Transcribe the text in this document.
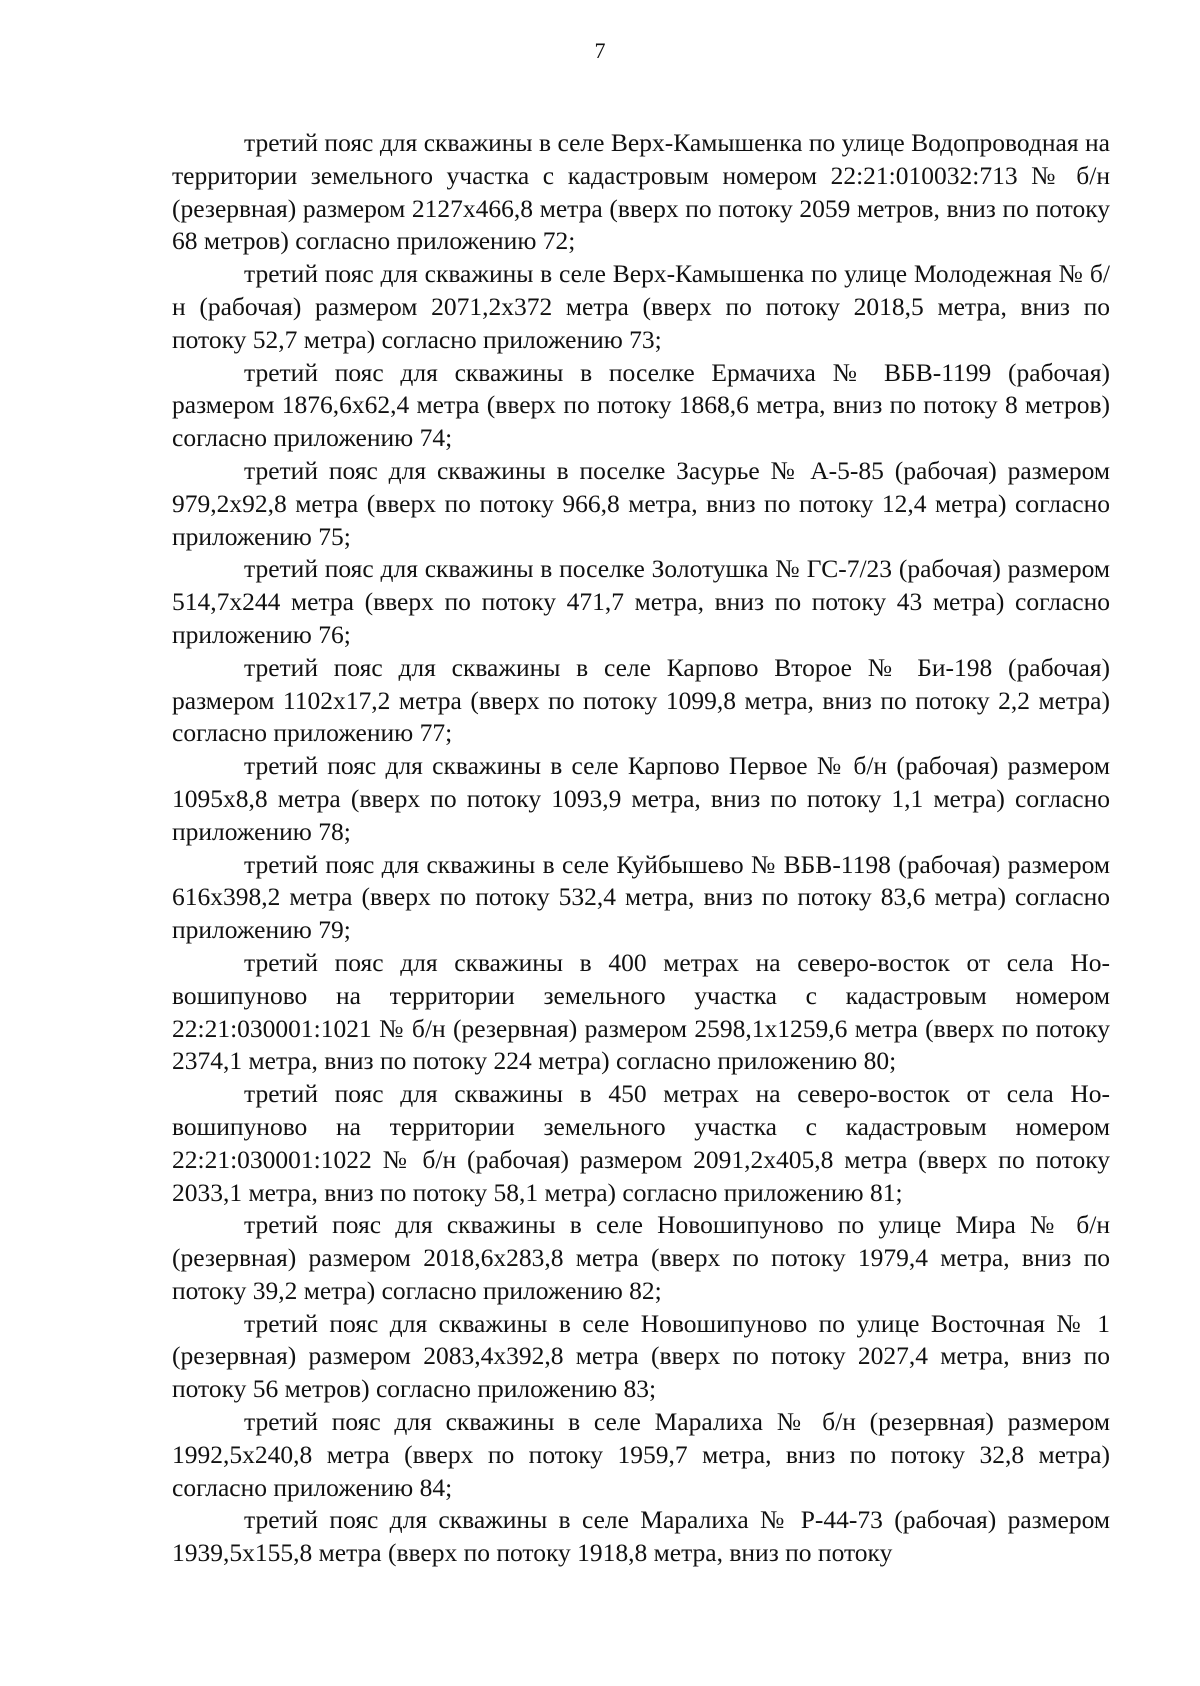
7

третий пояс для скважины в селе Верх-Камышенка по улице Водопроводная на территории земельного участка с кадастровым номером 22:21:010032:713 № б/н (резервная) размером 2127х466,8 метра (вверх по потоку 2059 метров, вниз по потоку 68 метров) согласно приложению 72;

третий пояс для скважины в селе Верх-Камышенка по улице Молодежная № б/н (рабочая) размером 2071,2х372 метра (вверх по потоку 2018,5 метра, вниз по потоку 52,7 метра) согласно приложению 73;

третий пояс для скважины в поселке Ермачиха № ВБВ-1199 (рабочая) размером 1876,6х62,4 метра (вверх по потоку 1868,6 метра, вниз по потоку 8 метров) согласно приложению 74;

третий пояс для скважины в поселке Засурье № А-5-85 (рабочая) размером 979,2х92,8 метра (вверх по потоку 966,8 метра, вниз по потоку 12,4 метра) согласно приложению 75;

третий пояс для скважины в поселке Золотушка № ГС-7/23 (рабочая) размером 514,7х244 метра (вверх по потоку 471,7 метра, вниз по потоку 43 метра) согласно приложению 76;

третий пояс для скважины в селе Карпово Второе № Би-198 (рабочая) размером 1102х17,2 метра (вверх по потоку 1099,8 метра, вниз по потоку 2,2 метра) согласно приложению 77;

третий пояс для скважины в селе Карпово Первое № б/н (рабочая) размером 1095х8,8 метра (вверх по потоку 1093,9 метра, вниз по потоку 1,1 метра) согласно приложению 78;

третий пояс для скважины в селе Куйбышево № ВБВ-1198 (рабочая) размером 616х398,2 метра (вверх по потоку 532,4 метра, вниз по потоку 83,6 метра) согласно приложению 79;

третий пояс для скважины в 400 метрах на северо-восток от села Новошипуново на территории земельного участка с кадастровым номером 22:21:030001:1021 № б/н (резервная) размером 2598,1х1259,6 метра (вверх по потоку 2374,1 метра, вниз по потоку 224 метра) согласно приложению 80;

третий пояс для скважины в 450 метрах на северо-восток от села Новошипуново на территории земельного участка с кадастровым номером 22:21:030001:1022 № б/н (рабочая) размером 2091,2х405,8 метра (вверх по потоку 2033,1 метра, вниз по потоку 58,1 метра) согласно приложению 81;

третий пояс для скважины в селе Новошипуново по улице Мира № б/н (резервная) размером 2018,6х283,8 метра (вверх по потоку 1979,4 метра, вниз по потоку 39,2 метра) согласно приложению 82;

третий пояс для скважины в селе Новошипуново по улице Восточная № 1 (резервная) размером 2083,4х392,8 метра (вверх по потоку 2027,4 метра, вниз по потоку 56 метров) согласно приложению 83;

третий пояс для скважины в селе Маралиха № б/н (резервная) размером 1992,5х240,8 метра (вверх по потоку 1959,7 метра, вниз по потоку 32,8 метра) согласно приложению 84;

третий пояс для скважины в селе Маралиха № Р-44-73 (рабочая) размером 1939,5х155,8 метра (вверх по потоку 1918,8 метра, вниз по потоку
